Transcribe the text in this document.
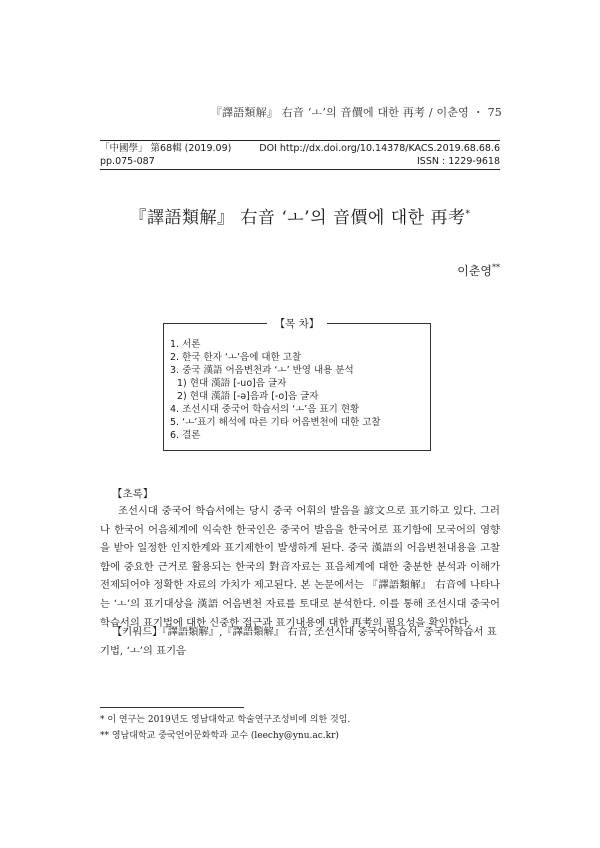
『譯語類解』 右音 ‘ㅗ’의 音價에 대한 再考 / 이춘영 ・ 75
「中國學」 第68輯 (2019.09)
pp.075-087
DOI http://dx.doi.org/10.14378/KACS.2019.68.68.6
ISSN : 1229-9618
『譯語類解』 右音 ‘ㅗ’의 音價에 대한 再考*
이춘영**
【목 차】
1. 서론
2. 한국 한자 ‘ㅗ’음에 대한 고찰
3. 중국 漢語 어음변천과 ‘ㅗ’ 반영 내용 분석
1) 현대 漢語 [-uo]음 글자
2) 현대 漢語 [-ə]음과 [-o]음 글자
4. 조선시대 중국어 학습서의 ‘ㅗ’음 표기 현황
5. ‘ㅗ’표기 해석에 따른 기타 어음변천에 대한 고찰
6. 결론
【초록】

조선시대 중국어 학습서에는 당시 중국 어휘의 발음을 諺文으로 표기하고 있다. 그러나 한국어 어음체계에 익숙한 한국인은 중국어 발음을 한국어로 표기함에 모국어의 영향을 받아 일정한 인지한계와 표기제한이 발생하게 된다. 중국 漢語의 어음변천내용을 고찰함에 중요한 근거로 활용되는 한국의 對音자료는 표음체계에 대한 충분한 분석과 이해가 전제되어야 정확한 자료의 가치가 제고된다. 본 논문에서는 『譯語類解』 右音에 나타나는 ‘ㅗ’의 표기대상을 漢語 어음변천 자료를 토대로 분석한다. 이를 통해 조선시대 중국어 학습서의 표기법에 대한 신중한 접근과 표기내용에 대한 再考의 필요성을 확인한다.

【키워드】『譯語類解』,『譯語類解』 右音, 조선시대 중국어학습서, 중국어학습서 표기법, ‘ㅗ’의 표기음

* 이 연구는 2019년도 영남대학교 학술연구조성비에 의한 것임.
** 영남대학교 중국언어문화학과 교수 (leechy@ynu.ac.kr)
